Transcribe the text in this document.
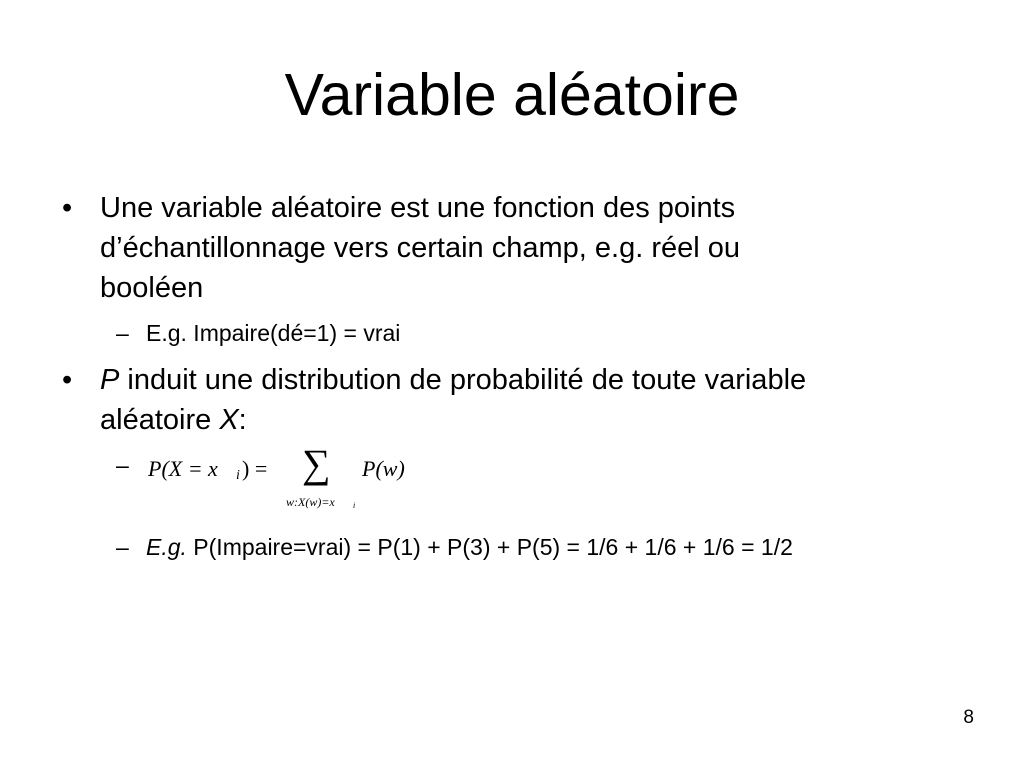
Variable aléatoire
• Une variable aléatoire est une fonction des points
d’échantillonnage vers certain champ, e.g. réel ou
booléen
– E.g. Impaire(dé=1) = vrai
• P induit une distribution de probabilité de toute variable
aléatoire X:
– P(X = x i ) = ∑
w:X(w)=x i
P(w)
– E.g. P(Impaire=vrai) = P(1) + P(3) + P(5) = 1/6 + 1/6 + 1/6 = 1/2
8
